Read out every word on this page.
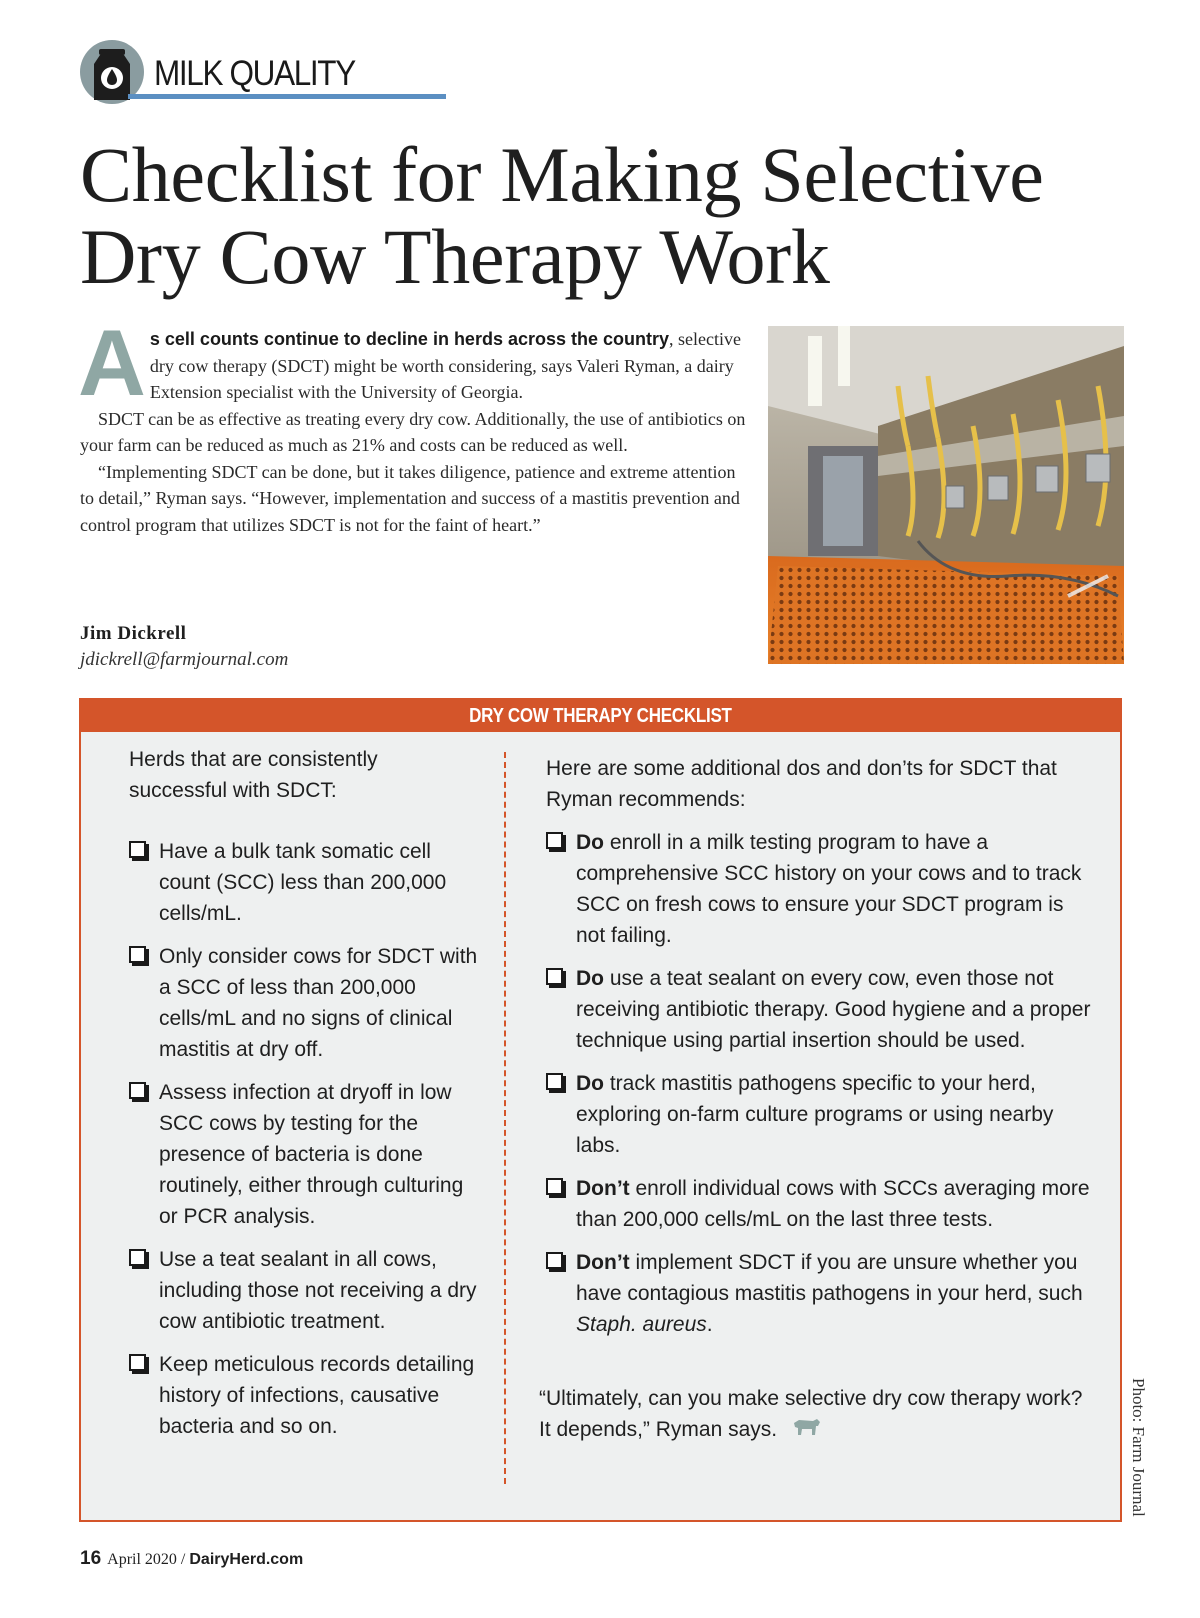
MILK QUALITY
Checklist for Making Selective
Dry Cow Therapy Work

As cell counts continue to decline in herds across the country, selective dry cow therapy (SDCT) might be worth considering, says Valeri Ryman, a dairy Extension specialist with the University of Georgia.

SDCT can be as effective as treating every dry cow. Additionally, the use of antibiotics on your farm can be reduced as much as 21% and costs can be reduced as well.

“Implementing SDCT can be done, but it takes diligence, patience and extreme attention to detail,” Ryman says. “However, implementation and success of a mastitis prevention and control program that utilizes SDCT is not for the faint of heart.”

Jim Dickrell
jdickrell@farmjournal.com
DRY COW THERAPY CHECKLIST

Herds that are consistently successful with SDCT:

Have a bulk tank somatic cell count (SCC) less than 200,000 cells/mL.
Only consider cows for SDCT with a SCC of less than 200,000 cells/mL and no signs of clinical mastitis at dry off.
Assess infection at dryoff in low SCC cows by testing for the presence of bacteria is done routinely, either through culturing or PCR analysis.
Use a teat sealant in all cows, including those not receiving a dry cow antibiotic treatment.
Keep meticulous records detailing history of infections, causative bacteria and so on.

Here are some additional dos and don’ts for SDCT that Ryman recommends:

Do enroll in a milk testing program to have a comprehensive SCC history on your cows and to track SCC on fresh cows to ensure your SDCT program is not failing.
Do use a teat sealant on every cow, even those not receiving antibiotic therapy. Good hygiene and a proper technique using partial insertion should be used.
Do track mastitis pathogens specific to your herd, exploring on-farm culture programs or using nearby labs.
Don’t enroll individual cows with SCCs averaging more than 200,000 cells/mL on the last three tests.
Don’t implement SDCT if you are unsure whether you have contagious mastitis pathogens in your herd, such Staph. aureus.

“Ultimately, can you make selective dry cow therapy work? It depends,” Ryman says.	Photo: Farm Journal
16 April 2020 / DairyHerd.com
